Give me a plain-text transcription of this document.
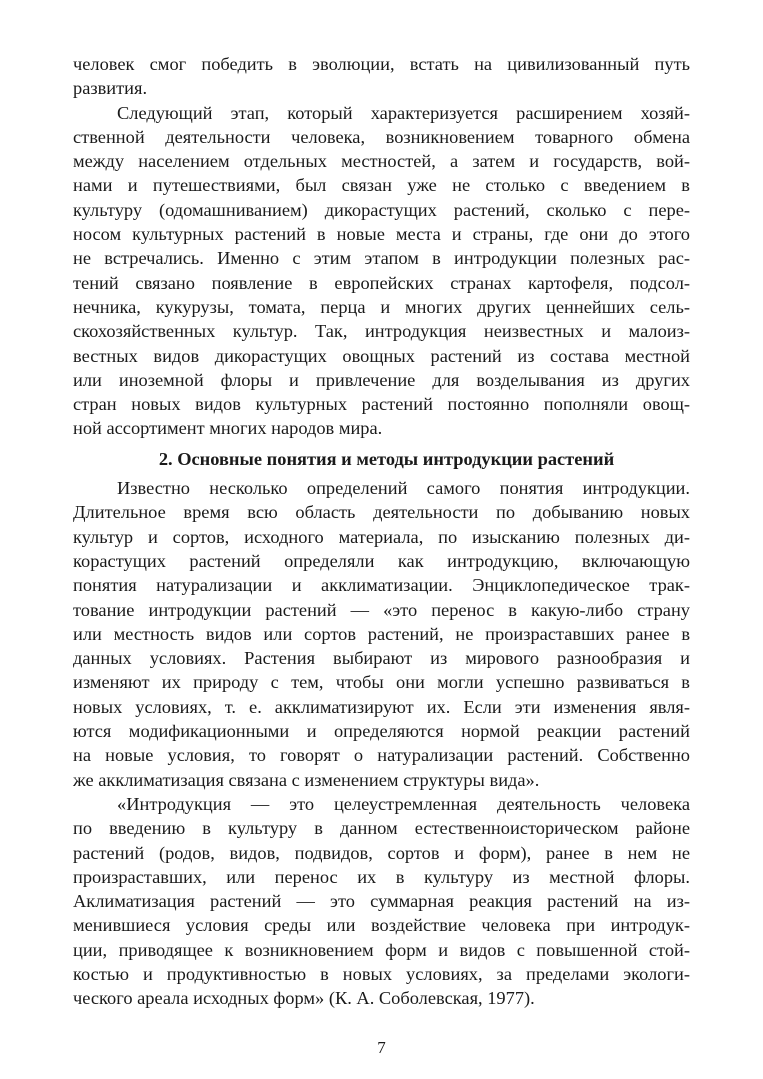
человек смог победить в эволюции, встать на цивилизованный путь
развития.
Следующий этап, который характеризуется расширением хозяй-
ственной деятельности человека, возникновением товарного обмена
между населением отдельных местностей, а затем и государств, вой-
нами и путешествиями, был связан уже не столько с введением в
культуру (одомашниванием) дикорастущих растений, сколько с пере-
носом культурных растений в новые места и страны, где они до этого
не встречались. Именно с этим этапом в интродукции полезных рас-
тений связано появление в европейских странах картофеля, подсол-
нечника, кукурузы, томата, перца и многих других ценнейших сель-
скохозяйственных культур. Так, интродукция неизвестных и малоиз-
вестных видов дикорастущих овощных растений из состава местной
или иноземной флоры и привлечение для возделывания из других
стран новых видов культурных растений постоянно пополняли овощ-
ной ассортимент многих народов мира.
2. Основные понятия и методы интродукции растений
Известно несколько определений самого понятия интродукции.
Длительное время всю область деятельности по добыванию новых
культур и сортов, исходного материала, по изысканию полезных ди-
корастущих растений определяли как интродукцию, включающую
понятия натурализации и акклиматизации. Энциклопедическое трак-
тование интродукции растений — «это перенос в какую-либо страну
или местность видов или сортов растений, не произраставших ранее в
данных условиях. Растения выбирают из мирового разнообразия и
изменяют их природу с тем, чтобы они могли успешно развиваться в
новых условиях, т. е. акклиматизируют их. Если эти изменения явля-
ются модификационными и определяются нормой реакции растений
на новые условия, то говорят о натурализации растений. Собственно
же акклиматизация связана с изменением структуры вида».
«Интродукция — это целеустремленная деятельность человека
по введению в культуру в данном естественноисторическом районе
растений (родов, видов, подвидов, сортов и форм), ранее в нем не
произраставших, или перенос их в культуру из местной флоры.
Аклиматизация растений — это суммарная реакция растений на из-
менившиеся условия среды или воздействие человека при интродук-
ции, приводящее к возникновением форм и видов с повышенной стой-
костью и продуктивностью в новых условиях, за пределами экологи-
ческого ареала исходных форм» (К. А. Соболевская, 1977).
7
